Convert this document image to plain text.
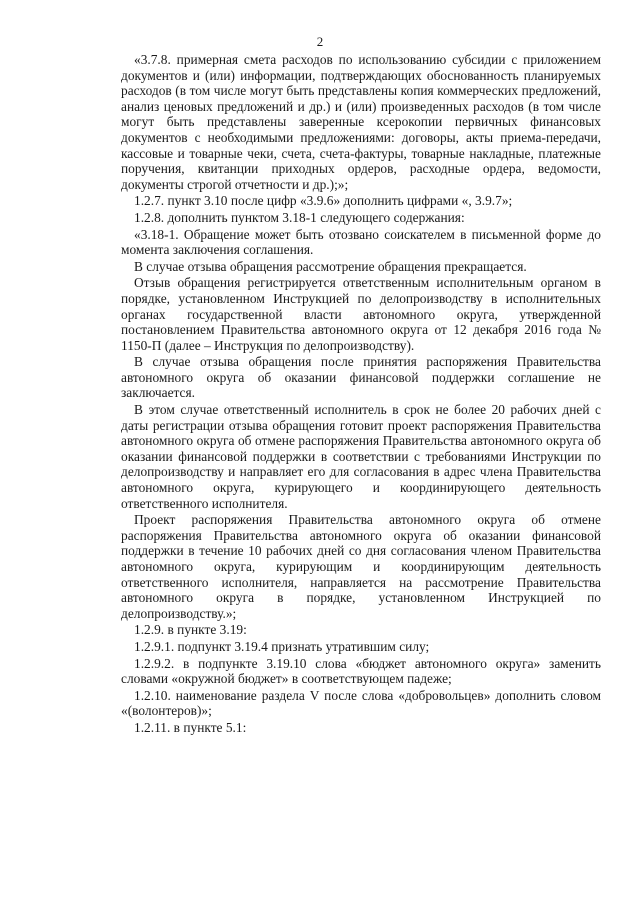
2

«3.7.8. примерная смета расходов по использованию субсидии с приложением документов и (или) информации, подтверждающих обоснованность планируемых расходов (в том числе могут быть представлены копия коммерческих предложений, анализ ценовых предложений и др.) и (или) произведенных расходов (в том числе могут быть представлены заверенные ксерокопии первичных финансовых документов с необходимыми предложениями: договоры, акты приема-передачи, кассовые и товарные чеки, счета, счета-фактуры, товарные накладные, платежные поручения, квитанции приходных ордеров, расходные ордера, ведомости, документы строгой отчетности и др.);»;

1.2.7. пункт 3.10 после цифр «3.9.6» дополнить цифрами «, 3.9.7»;

1.2.8. дополнить пунктом 3.18-1 следующего содержания:

«3.18-1. Обращение может быть отозвано соискателем в письменной форме до момента заключения соглашения.

В случае отзыва обращения рассмотрение обращения прекращается.

Отзыв обращения регистрируется ответственным исполнительным органом в порядке, установленном Инструкцией по делопроизводству в исполнительных органах государственной власти автономного округа, утвержденной постановлением Правительства автономного округа от 12 декабря 2016 года № 1150-П (далее – Инструкция по делопроизводству).

В случае отзыва обращения после принятия распоряжения Правительства автономного округа об оказании финансовой поддержки соглашение не заключается.

В этом случае ответственный исполнитель в срок не более 20 рабочих дней с даты регистрации отзыва обращения готовит проект распоряжения Правительства автономного округа об отмене распоряжения Правительства автономного округа об оказании финансовой поддержки в соответствии с требованиями Инструкции по делопроизводству и направляет его для согласования в адрес члена Правительства автономного округа, курирующего и координирующего деятельность ответственного исполнителя.

Проект распоряжения Правительства автономного округа об отмене распоряжения Правительства автономного округа об оказании финансовой поддержки в течение 10 рабочих дней со дня согласования членом Правительства автономного округа, курирующим и координирующим деятельность ответственного исполнителя, направляется на рассмотрение Правительства автономного округа в порядке, установленном Инструкцией по делопроизводству.»;

1.2.9. в пункте 3.19:

1.2.9.1. подпункт 3.19.4 признать утратившим силу;

1.2.9.2. в подпункте 3.19.10 слова «бюджет автономного округа» заменить словами «окружной бюджет» в соответствующем падеже;

1.2.10. наименование раздела V после слова «добровольцев» дополнить словом «(волонтеров)»;

1.2.11. в пункте 5.1:
